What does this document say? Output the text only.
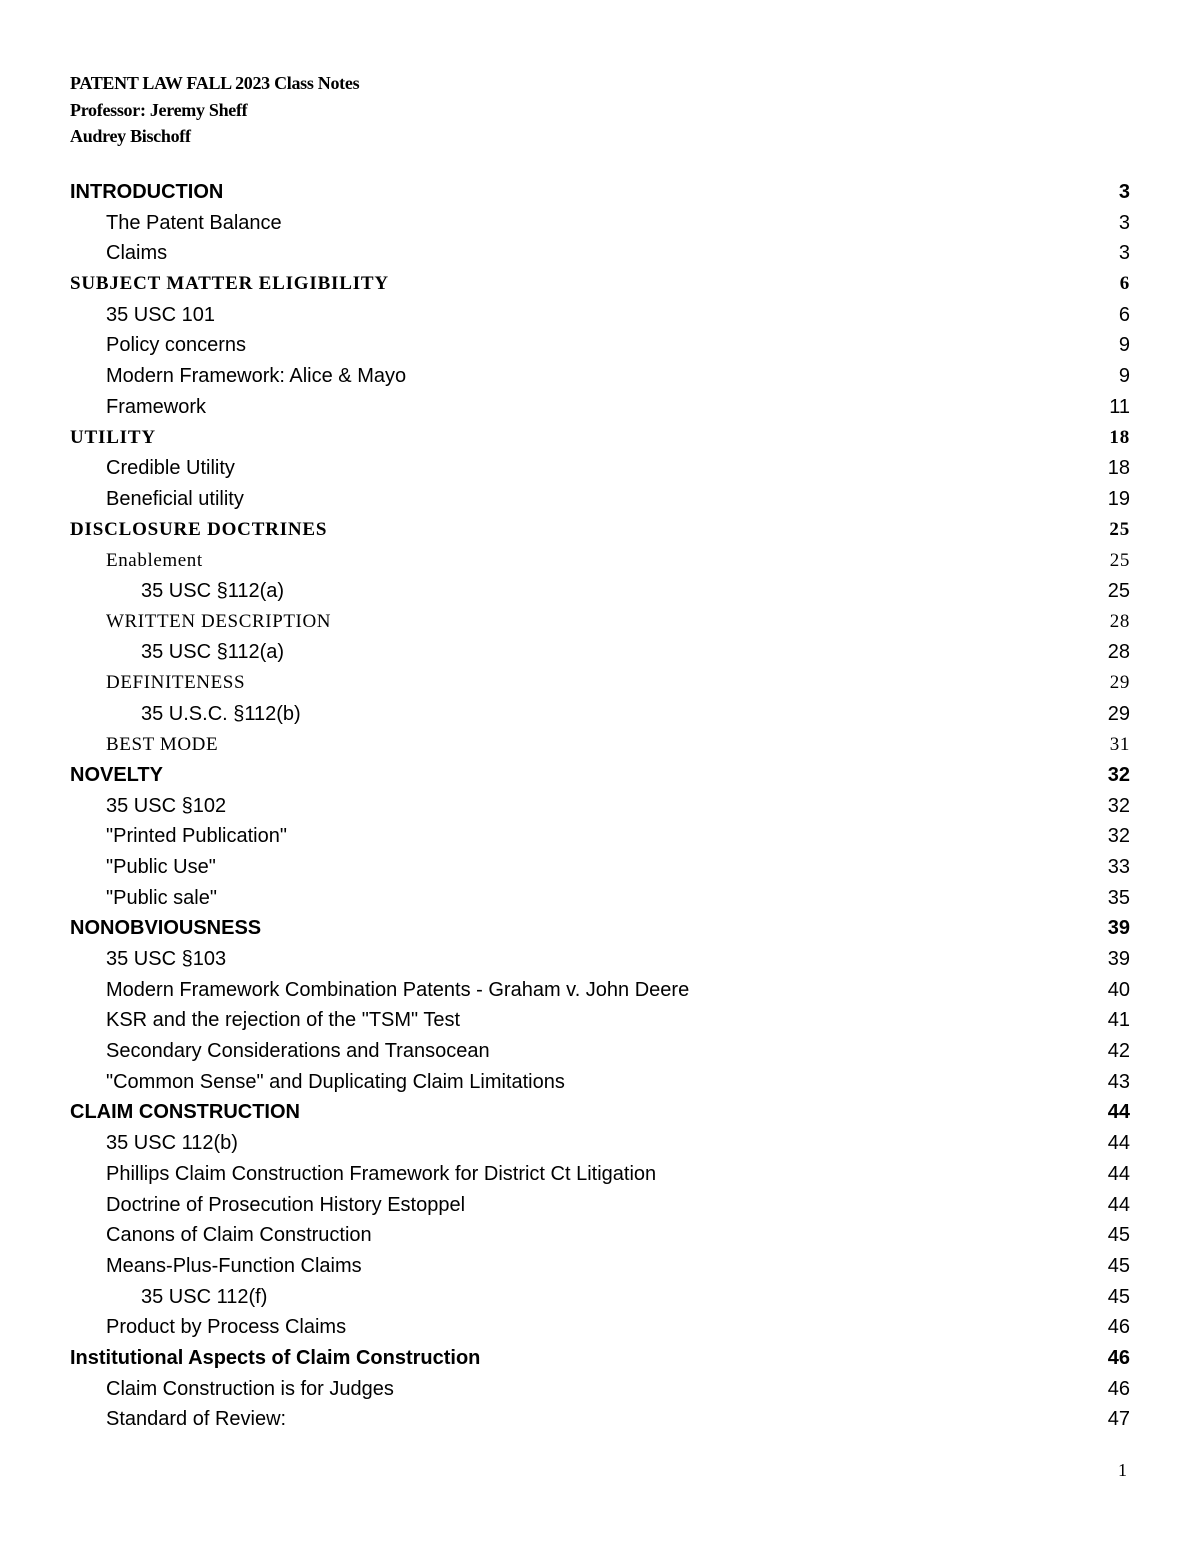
PATENT LAW FALL 2023 Class Notes
Professor: Jeremy Sheff
Audrey Bischoff
INTRODUCTION	3
The Patent Balance	3
Claims	3
SUBJECT MATTER ELIGIBILITY	6
35 USC 101	6
Policy concerns	9
Modern Framework: Alice & Mayo	9
Framework	11
UTILITY	18
Credible Utility	18
Beneficial utility	19
DISCLOSURE DOCTRINES	25
Enablement	25
35 USC §112(a)	25
WRITTEN DESCRIPTION	28
35 USC §112(a)	28
DEFINITENESS	29
35 U.S.C. §112(b)	29
BEST MODE	31
NOVELTY	32
35 USC §102	32
"Printed Publication"	32
"Public Use"	33
"Public sale"	35
NONOBVIOUSNESS	39
35 USC §103	39
Modern Framework Combination Patents - Graham v. John Deere	40
KSR and the rejection of the "TSM" Test	41
Secondary Considerations and Transocean	42
"Common Sense" and Duplicating Claim Limitations	43
CLAIM CONSTRUCTION	44
35 USC 112(b)	44
Phillips Claim Construction Framework for District Ct Litigation	44
Doctrine of Prosecution History Estoppel	44
Canons of Claim Construction	45
Means-Plus-Function Claims	45
35 USC 112(f)	45
Product by Process Claims	46
Institutional Aspects of Claim Construction	46
Claim Construction is for Judges	46
Standard of Review:	47
1
